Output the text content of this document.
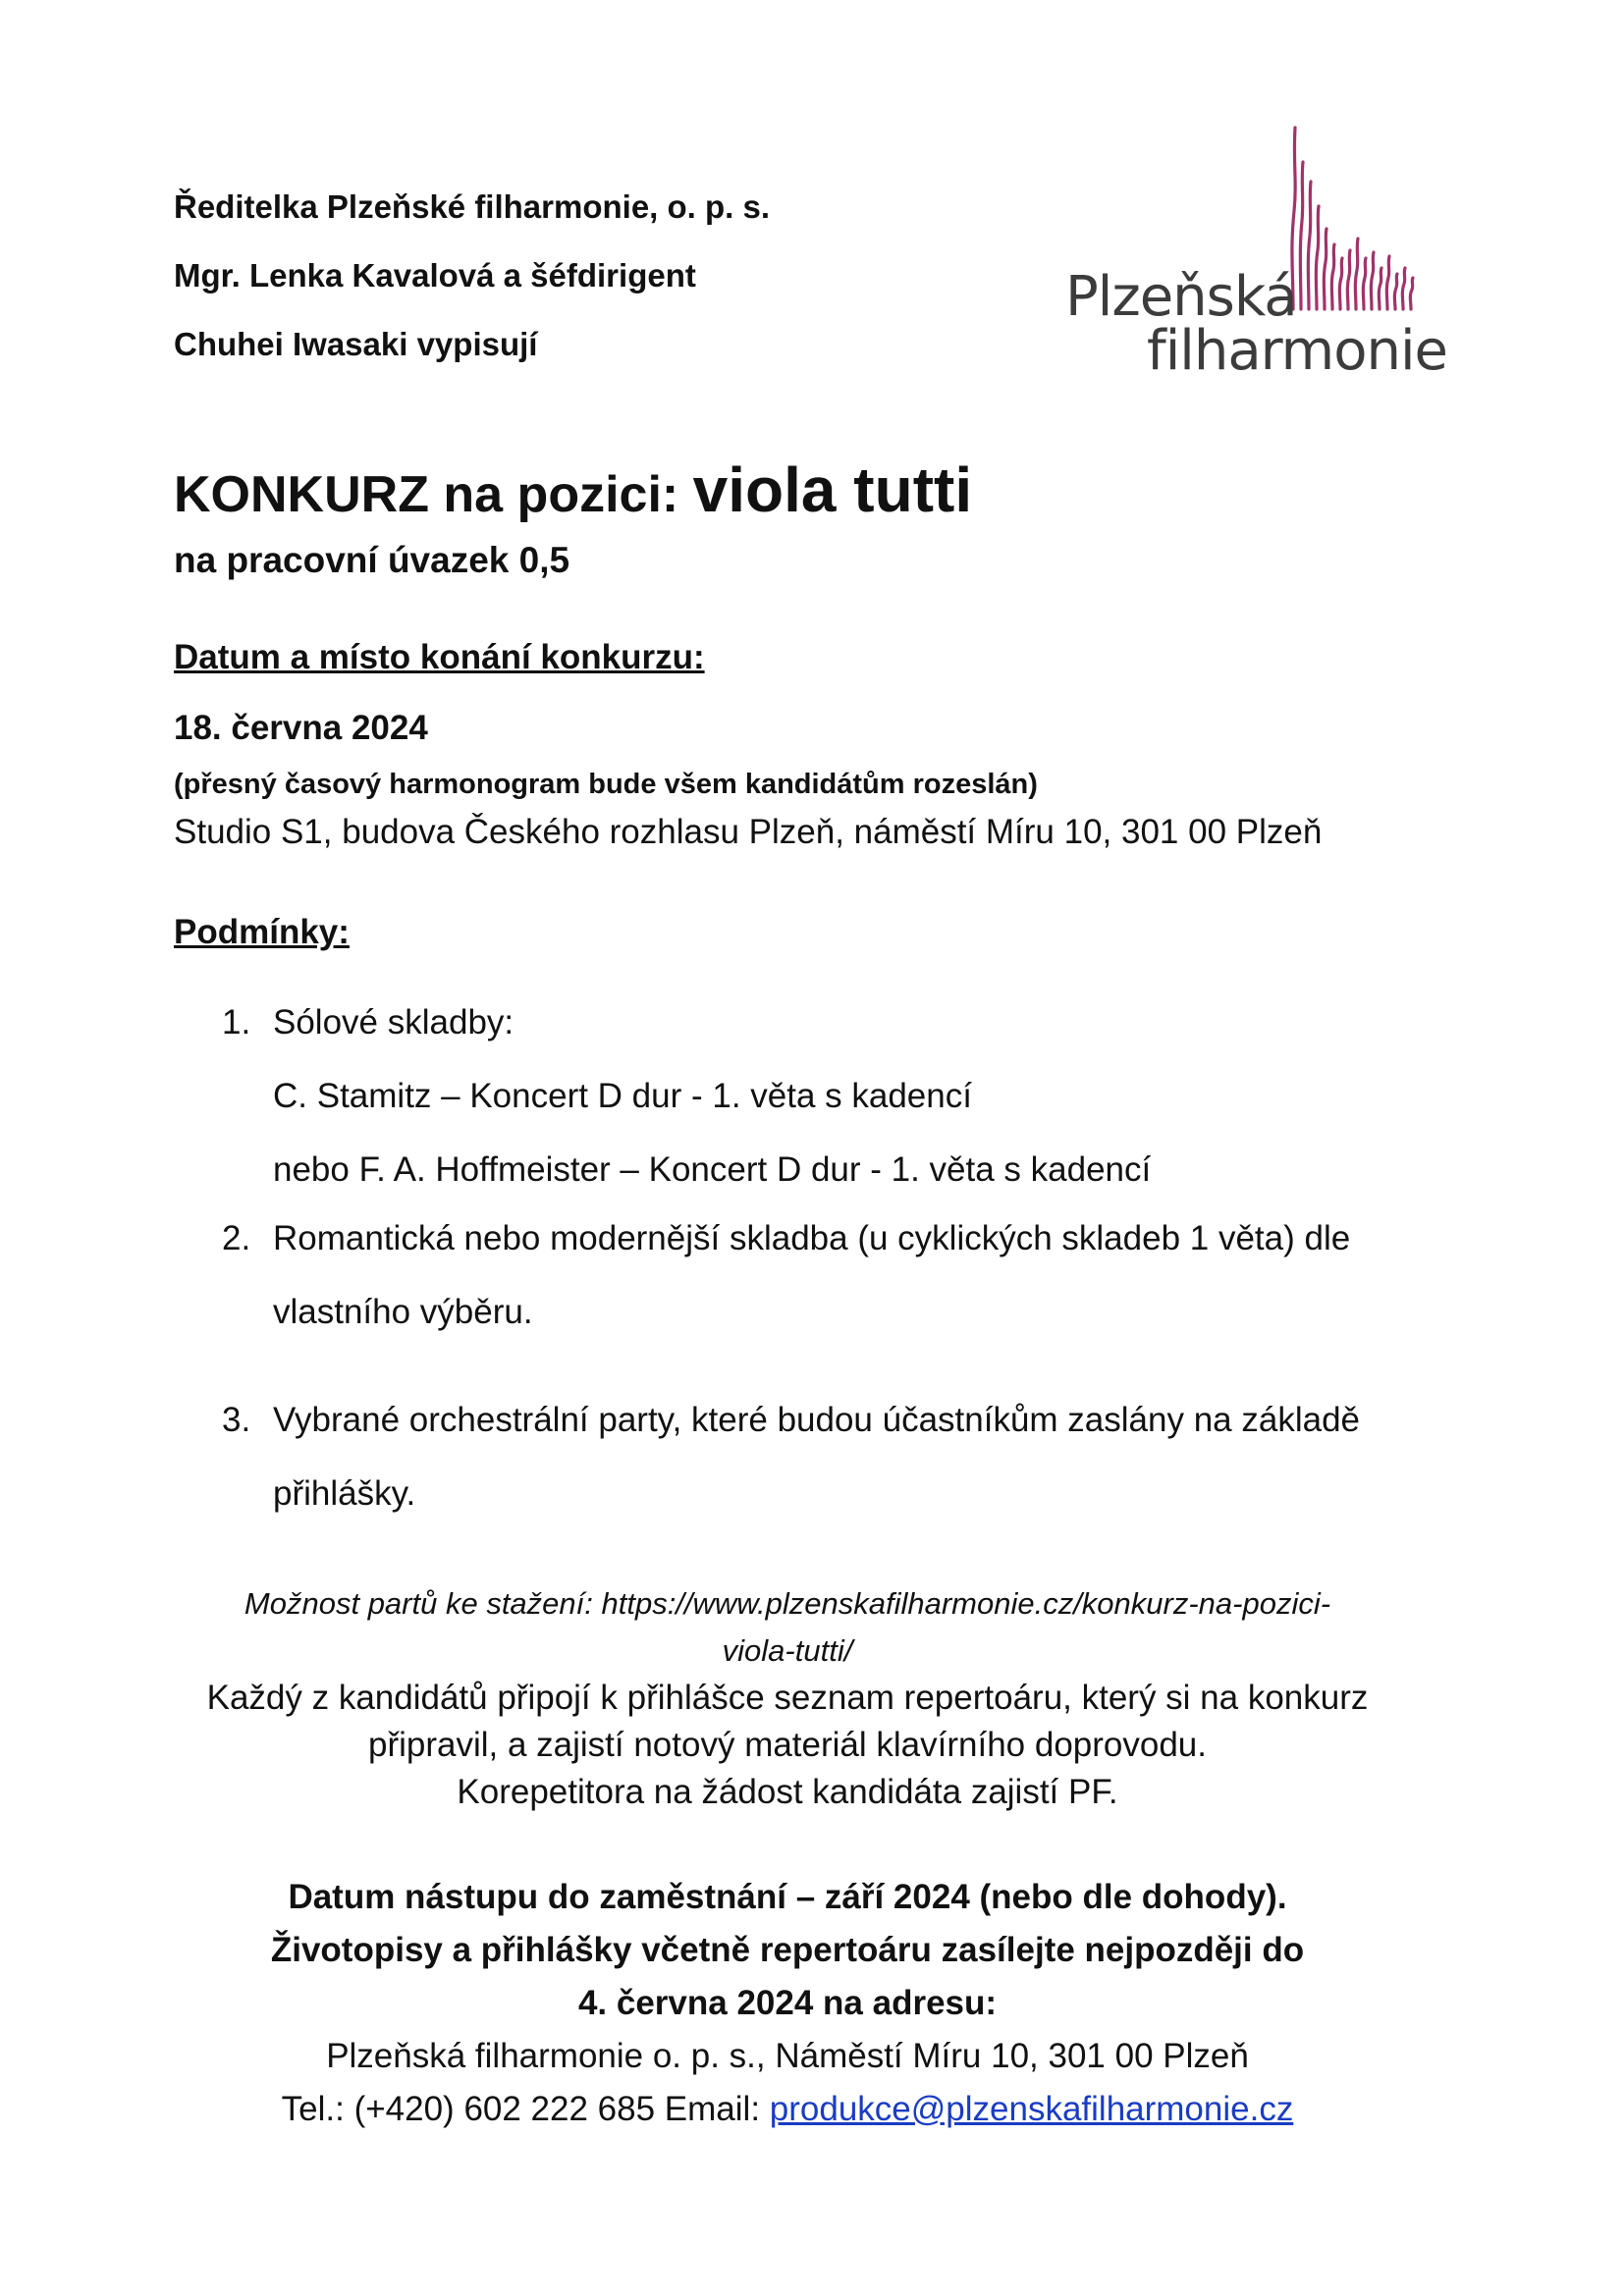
Ředitelka Plzeňské filharmonie, o. p. s.

Mgr. Lenka Kavalová a šéfdirigent

Chuhei Iwasaki vypisují

Plzeňská
filharmonie

KONKURZ na pozici: viola tutti

na pracovní úvazek 0,5

Datum a místo konání konkurzu:

18. června 2024

(přesný časový harmonogram bude všem kandidátům rozeslán)

Studio S1, budova Českého rozhlasu Plzeň, náměstí Míru 10, 301 00 Plzeň

Podmínky:

1. Sólové skladby:
C. Stamitz – Koncert D dur - 1. věta s kadencí
nebo F. A. Hoffmeister – Koncert D dur - 1. věta s kadencí
2. Romantická nebo modernější skladba (u cyklických skladeb 1 věta) dle
vlastního výběru.
3. Vybrané orchestrální party, které budou účastníkům zaslány na základě
přihlášky.
Možnost partů ke stažení: https://www.plzenskafilharmonie.cz/konkurz-na-pozici-
viola-tutti/
Každý z kandidátů připojí k přihlášce seznam repertoáru, který si na konkurz
připravil, a zajistí notový materiál klavírního doprovodu.
Korepetitora na žádost kandidáta zajistí PF.
Datum nástupu do zaměstnání – září 2024 (nebo dle dohody).
Životopisy a přihlášky včetně repertoáru zasílejte nejpozději do
4. června 2024 na adresu:
Plzeňská filharmonie o. p. s., Náměstí Míru 10, 301 00 Plzeň
Tel.: (+420) 602 222 685 Email: produkce@plzenskafilharmonie.cz
